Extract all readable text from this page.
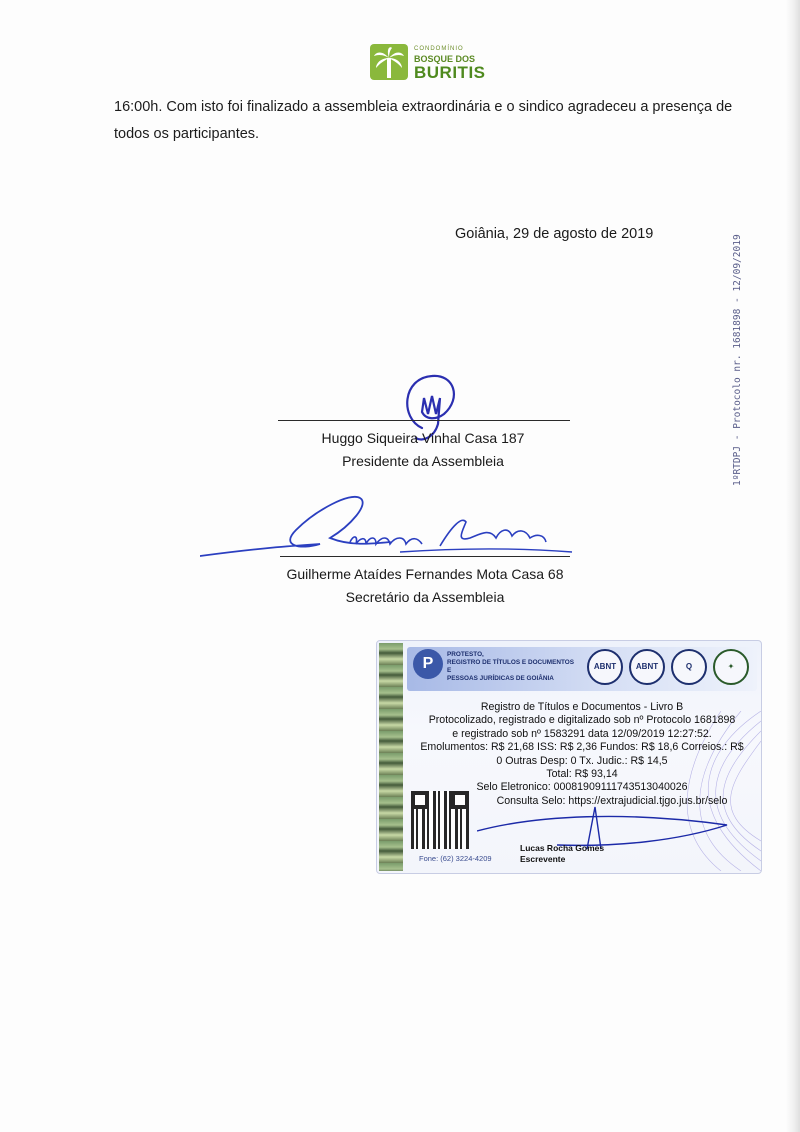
CONDOMÍNIO
BOSQUE DOS
BURITIS
16:00h. Com isto foi finalizado a assembleia extraordinária e o sindico agradeceu a presença de todos os participantes.
Goiânia, 29 de agosto de 2019
1ºRTDPJ - Protocolo nr. 1681898 - 12/09/2019
Huggo Siqueira Vinhal Casa 187
Presidente da Assembleia
Guilherme Ataídes Fernandes Mota Casa 68
Secretário da Assembleia
P
PROTESTO,
REGISTRO DE TÍTULOS E DOCUMENTOS E
PESSOAS JURÍDICAS DE GOIÂNIA
ABNT	ABNT	Q	✦
Registro de Títulos e Documentos - Livro B
Protocolizado, registrado e digitalizado sob nº Protocolo 1681898
e registrado sob nº 1583291 data 12/09/2019 12:27:52.
Emolumentos: R$ 21,68 ISS: R$ 2,36 Fundos: R$ 18,6 Correios.: R$
0 Outras Desp: 0 Tx. Judic.: R$ 14,5
Total: R$ 93,14
Selo Eletronico: 00081909111743513040026
Consulta Selo: https://extrajudicial.tjgo.jus.br/selo
Fone: (62) 3224-4209
Lucas Rocha Gomes
Escrevente
